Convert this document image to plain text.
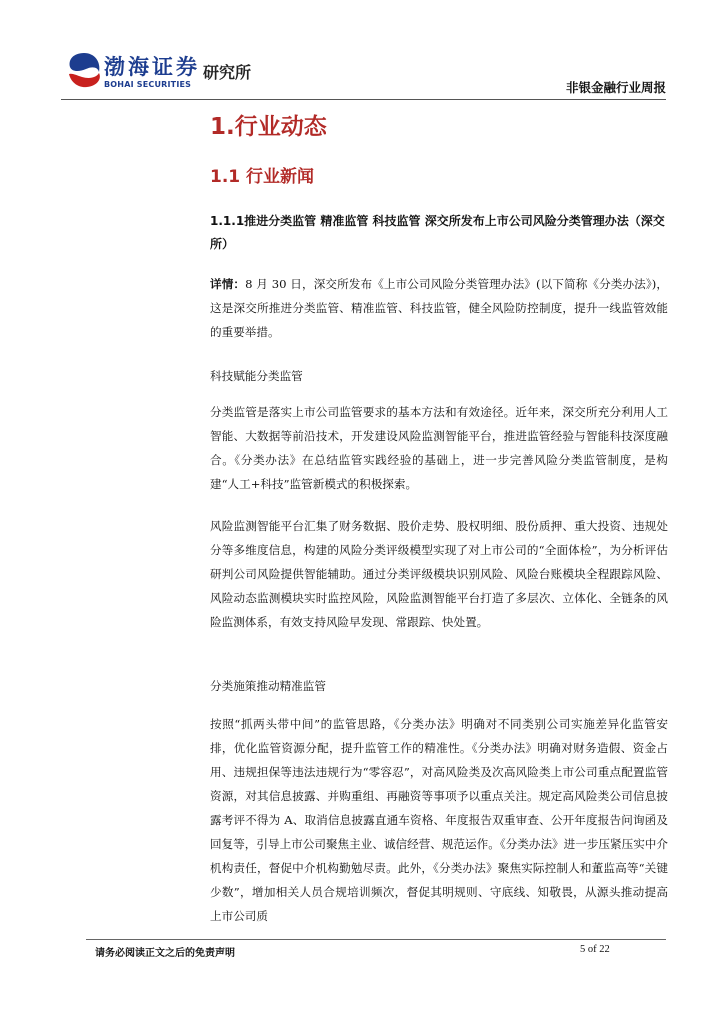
渤海证券
BOHAI SECURITIES
研究所
非银金融行业周报
1.行业动态
1.1 行业新闻
1.1.1推进分类监管 精准监管 科技监管 深交所发布上市公司风险分类管理办法（深交所）
详情：8 月 30 日，深交所发布《上市公司风险分类管理办法》(以下简称《分类办法》)，这是深交所推进分类监管、精准监管、科技监管，健全风险防控制度，提升一线监管效能的重要举措。
科技赋能分类监管
分类监管是落实上市公司监管要求的基本方法和有效途径。近年来，深交所充分利用人工智能、大数据等前沿技术，开发建设风险监测智能平台，推进监管经验与智能科技深度融合。《分类办法》在总结监管实践经验的基础上，进一步完善风险分类监管制度，是构建“人工+科技”监管新模式的积极探索。
风险监测智能平台汇集了财务数据、股价走势、股权明细、股份质押、重大投资、违规处分等多维度信息，构建的风险分类评级模型实现了对上市公司的“全面体检”，为分析评估研判公司风险提供智能辅助。通过分类评级模块识别风险、风险台账模块全程跟踪风险、风险动态监测模块实时监控风险，风险监测智能平台打造了多层次、立体化、全链条的风险监测体系，有效支持风险早发现、常跟踪、快处置。
分类施策推动精准监管
按照“抓两头带中间”的监管思路，《分类办法》明确对不同类别公司实施差异化监管安排，优化监管资源分配，提升监管工作的精准性。《分类办法》明确对财务造假、资金占用、违规担保等违法违规行为“零容忍”，对高风险类及次高风险类上市公司重点配置监管资源，对其信息披露、并购重组、再融资等事项予以重点关注。规定高风险类公司信息披露考评不得为 A、取消信息披露直通车资格、年度报告双重审查、公开年度报告问询函及回复等，引导上市公司聚焦主业、诚信经营、规范运作。《分类办法》进一步压紧压实中介机构责任，督促中介机构勤勉尽责。此外，《分类办法》聚焦实际控制人和董监高等“关键少数”，增加相关人员合规培训频次，督促其明规则、守底线、知敬畏，从源头推动提高上市公司质
请务必阅读正文之后的免责声明	5 of 22
